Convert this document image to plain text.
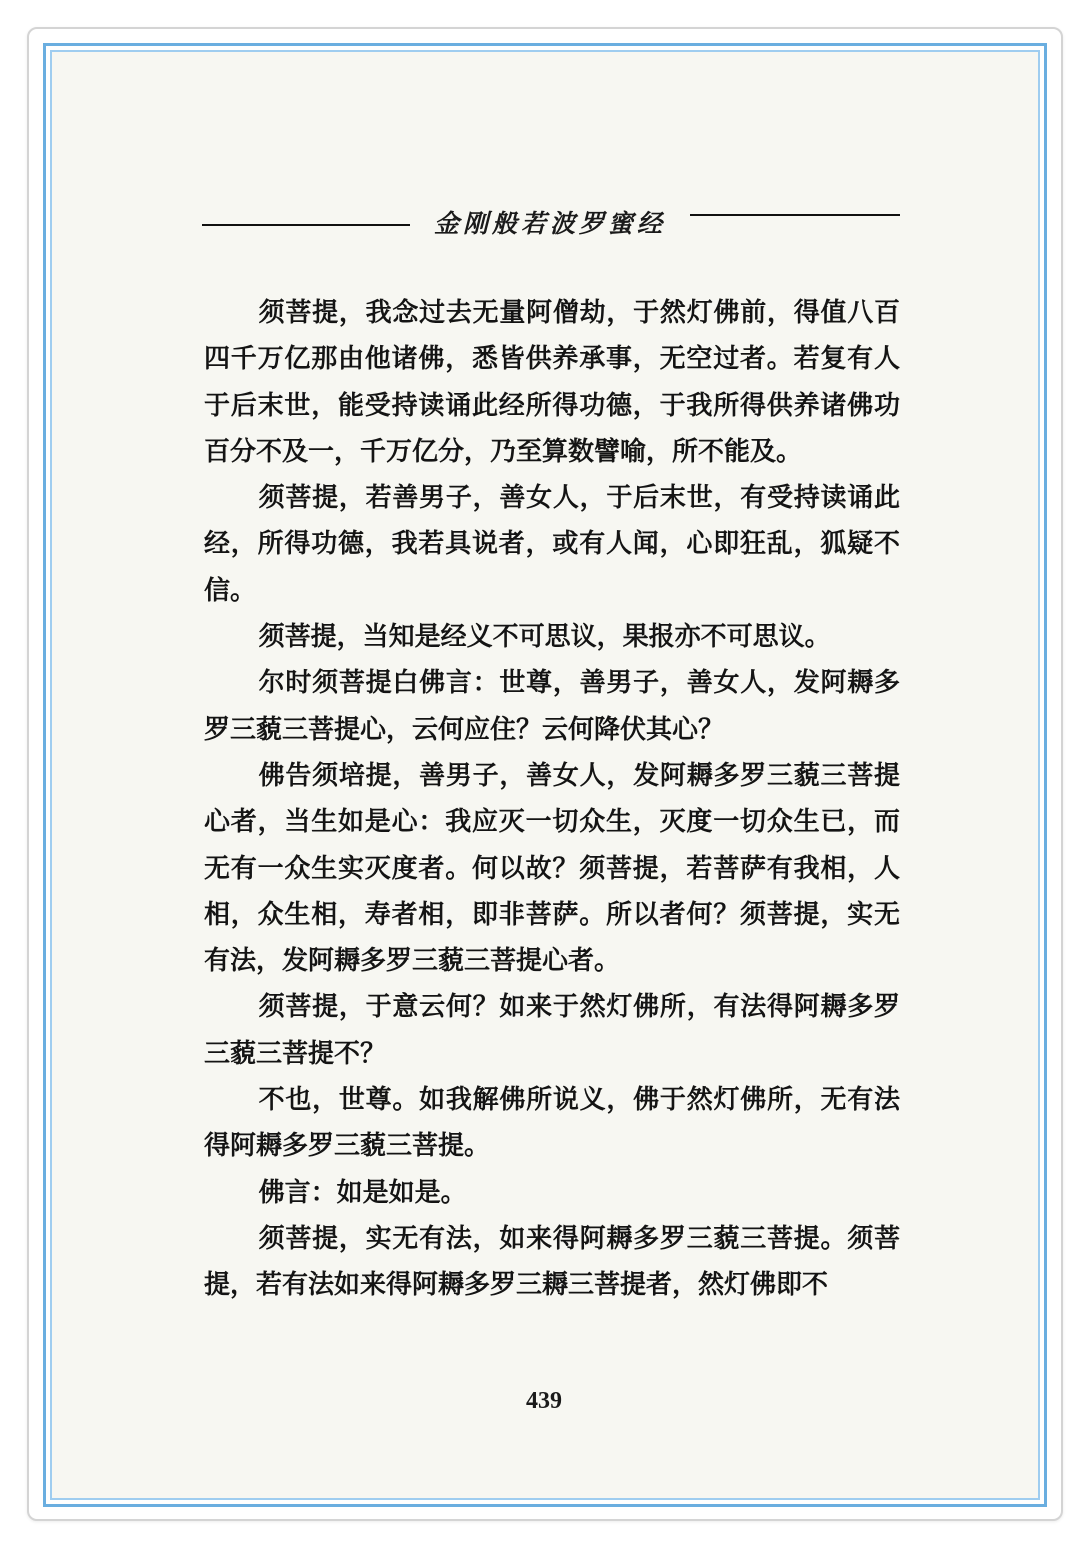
金刚般若波罗蜜经

须菩提，我念过去无量阿僧劫，于然灯佛前，得值八百四千万亿那由他诸佛，悉皆供养承事，无空过者。若复有人于后末世，能受持读诵此经所得功德，于我所得供养诸佛功百分不及一，千万亿分，乃至算数譬喻，所不能及。

须菩提，若善男子，善女人，于后末世，有受持读诵此经，所得功德，我若具说者，或有人闻，心即狂乱，狐疑不信。

须菩提，当知是经义不可思议，果报亦不可思议。

尔时须菩提白佛言：世尊，善男子，善女人，发阿耨多罗三藐三菩提心，云何应住？云何降伏其心？

佛告须培提，善男子，善女人，发阿耨多罗三藐三菩提心者，当生如是心：我应灭一切众生，灭度一切众生已，而无有一众生实灭度者。何以故？须菩提，若菩萨有我相，人相，众生相，寿者相，即非菩萨。所以者何？须菩提，实无有法，发阿耨多罗三藐三菩提心者。

须菩提，于意云何？如来于然灯佛所，有法得阿耨多罗三藐三菩提不？

不也，世尊。如我解佛所说义，佛于然灯佛所，无有法得阿耨多罗三藐三菩提。

佛言：如是如是。

须菩提，实无有法，如来得阿耨多罗三藐三菩提。须菩提，若有法如来得阿耨多罗三耨三菩提者，然灯佛即不

439
